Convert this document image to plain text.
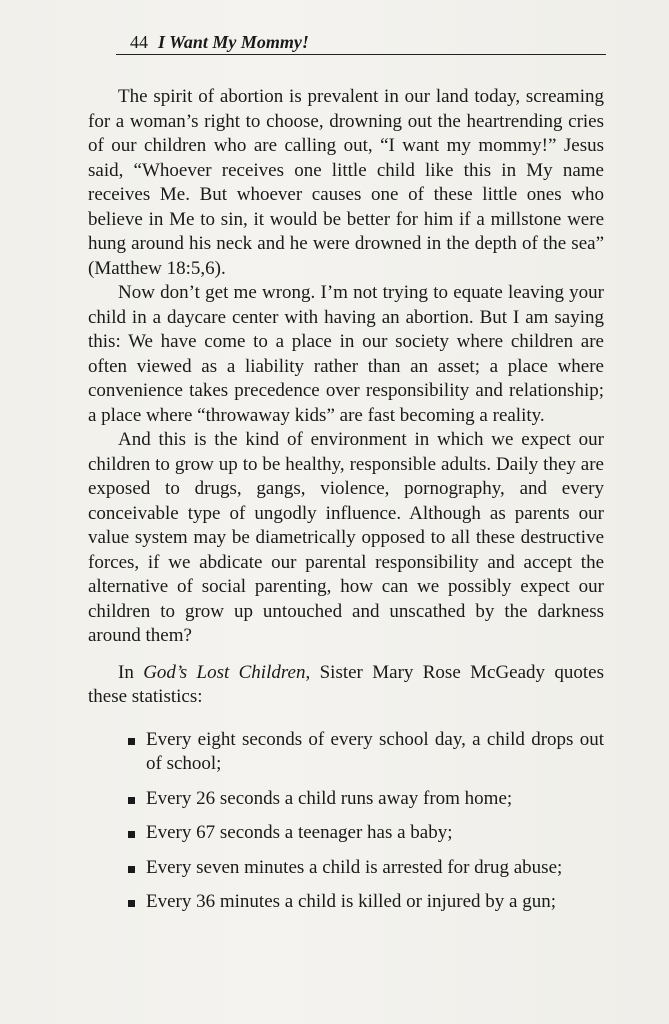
44 I Want My Mommy!

The spirit of abortion is prevalent in our land today, screaming for a woman’s right to choose, drowning out the heartrending cries of our children who are calling out, “I want my mommy!” Jesus said, “Whoever receives one little child like this in My name receives Me. But whoever causes one of these little ones who believe in Me to sin, it would be better for him if a millstone were hung around his neck and he were drowned in the depth of the sea” (Matthew 18:5,6).

Now don’t get me wrong. I’m not trying to equate leaving your child in a daycare center with having an abortion. But I am saying this: We have come to a place in our society where children are often viewed as a liability rather than an asset; a place where convenience takes precedence over responsibility and relationship; a place where “throwaway kids” are fast becoming a reality.

And this is the kind of environment in which we expect our children to grow up to be healthy, responsible adults. Daily they are exposed to drugs, gangs, violence, pornography, and every conceivable type of ungodly influence. Although as parents our value system may be diametrically opposed to all these destructive forces, if we abdicate our parental responsibility and accept the alternative of social parenting, how can we possibly expect our children to grow up untouched and unscathed by the darkness around them?

In God’s Lost Children, Sister Mary Rose McGeady quotes these statistics:

Every eight seconds of every school day, a child drops out of school;
Every 26 seconds a child runs away from home;
Every 67 seconds a teenager has a baby;
Every seven minutes a child is arrested for drug abuse;
Every 36 minutes a child is killed or injured by a gun;
